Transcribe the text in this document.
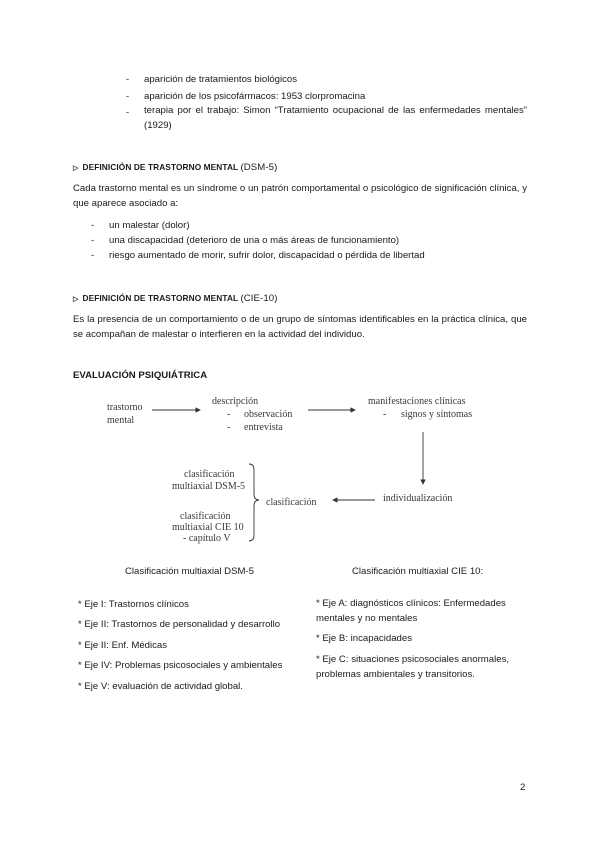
- aparición de tratamientos biológicos
- aparición de los psicofármacos: 1953 clorpromacina
- terapia por el trabajo: Simon “Tratamiento ocupacional de las enfermedades mentales” (1929)
▷ DEFINICIÓN DE TRASTORNO MENTAL (DSM-5)
Cada trastorno mental es un síndrome o un patrón comportamental o psicológico de significación clínica, y que aparece asociado a:
- un malestar (dolor)
- una discapacidad (deterioro de una o más áreas de funcionamiento)
- riesgo aumentado de morir, sufrir dolor, discapacidad o pérdida de libertad
▷ DEFINICIÓN DE TRASTORNO MENTAL (CIE-10)
Es la presencia de un comportamiento o de un grupo de síntomas identificables en la práctica clínica, que se acompañan de malestar o interfieren en la actividad del individuo.
EVALUACIÓN PSIQUIÁTRICA
trastorno
mental
descripción
- observación
- entrevista
manifestaciones clínicas
- signos y síntomas
individualización
clasificación
clasificación
multiaxial DSM-5
clasificación
multiaxial CIE 10
- capítulo V
Clasificación multiaxial DSM-5	Clasificación multiaxial CIE 10:
* Eje I: Trastornos clínicos
* Eje II: Trastornos de personalidad y desarrollo
* Eje II: Enf. Médicas
* Eje IV: Problemas psicosociales y ambientales
* Eje V: evaluación de actividad global.
* Eje A: diagnósticos clínicos: Enfermedades mentales y no mentales
* Eje B: incapacidades
* Eje C: situaciones psicosociales anormales, problemas ambientales y transitorios.
2
